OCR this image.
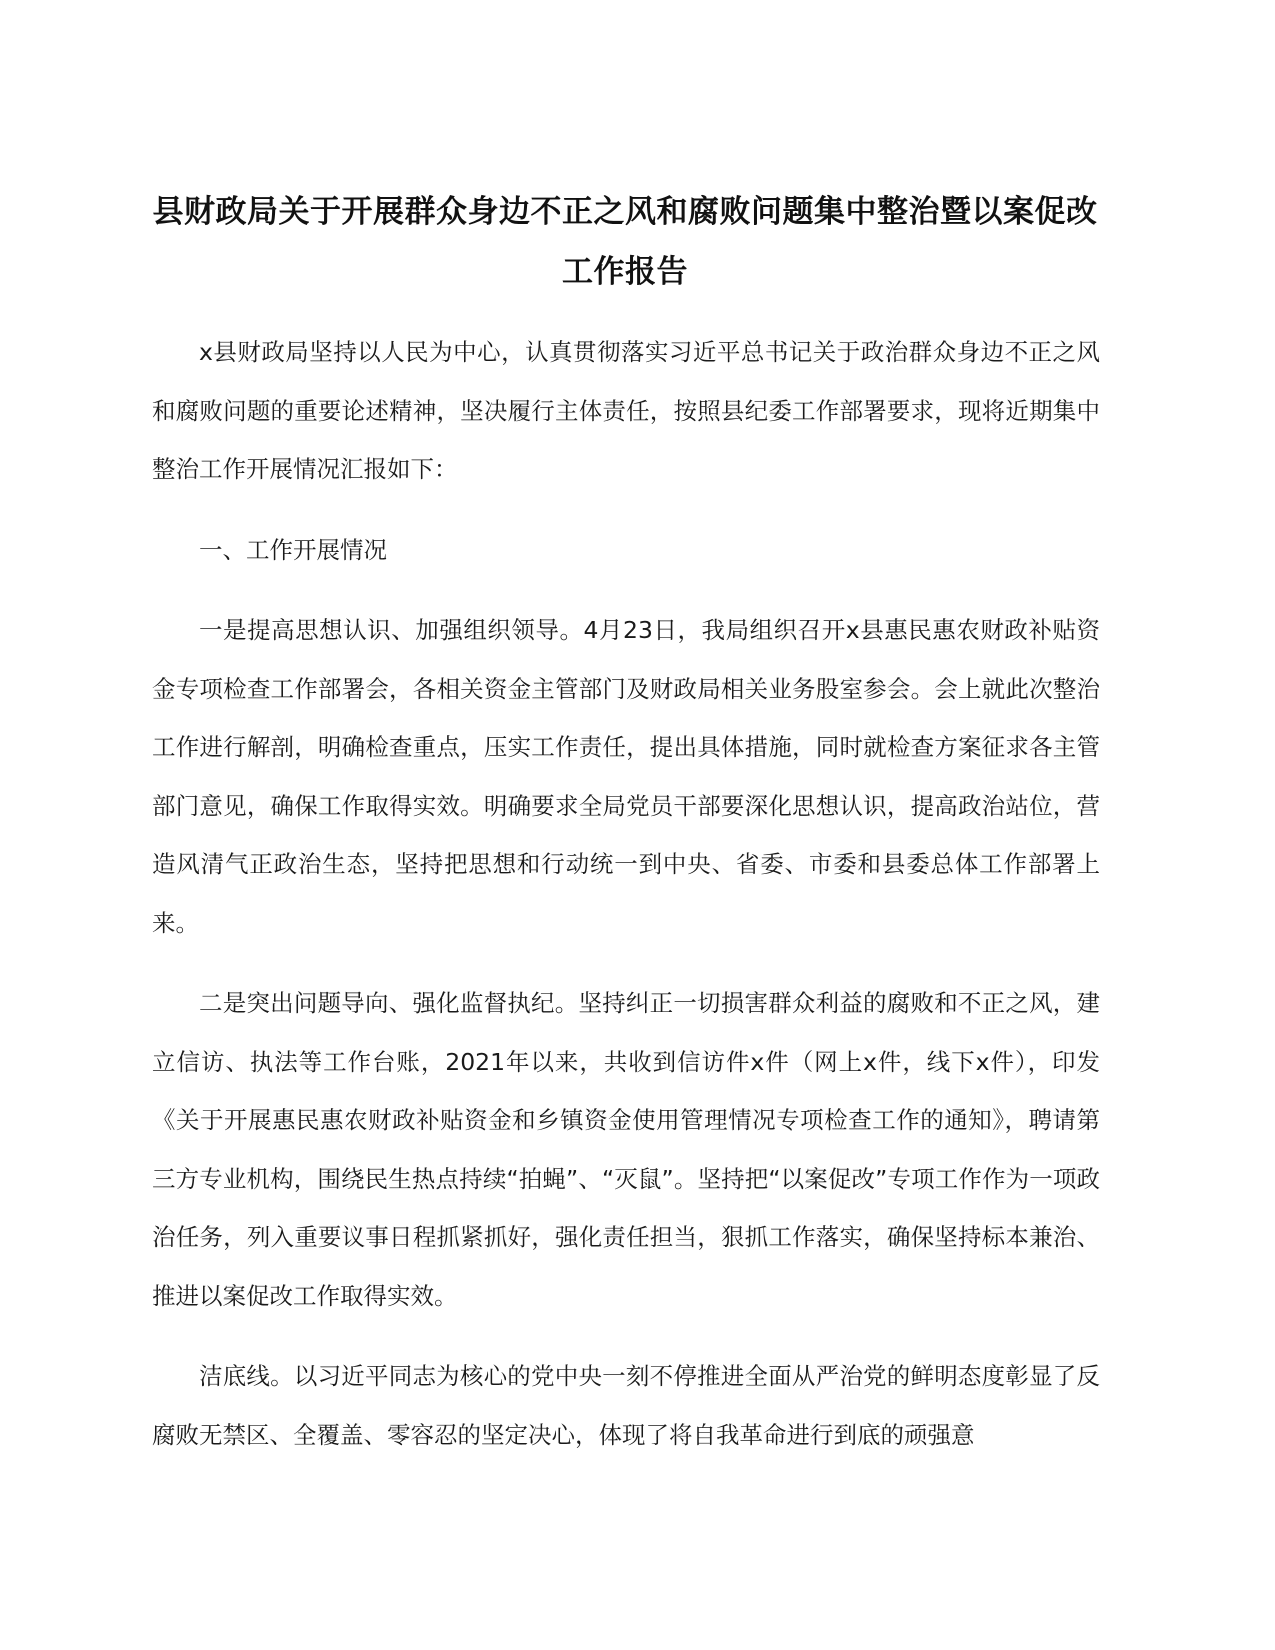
县财政局关于开展群众身边不正之风和腐败问题集中整治暨以案促改工作报告

x县财政局坚持以人民为中心，认真贯彻落实习近平总书记关于政治群众身边不正之风和腐败问题的重要论述精神，坚决履行主体责任，按照县纪委工作部署要求，现将近期集中整治工作开展情况汇报如下：

一、工作开展情况

一是提高思想认识、加强组织领导。4月23日，我局组织召开x县惠民惠农财政补贴资金专项检查工作部署会，各相关资金主管部门及财政局相关业务股室参会。会上就此次整治工作进行解剖，明确检查重点，压实工作责任，提出具体措施，同时就检查方案征求各主管部门意见，确保工作取得实效。明确要求全局党员干部要深化思想认识，提高政治站位，营造风清气正政治生态，坚持把思想和行动统一到中央、省委、市委和县委总体工作部署上来。

二是突出问题导向、强化监督执纪。坚持纠正一切损害群众利益的腐败和不正之风，建立信访、执法等工作台账，2021年以来，共收到信访件x件（网上x件，线下x件），印发《关于开展惠民惠农财政补贴资金和乡镇资金使用管理情况专项检查工作的通知》，聘请第三方专业机构，围绕民生热点持续“拍蝇”、“灭鼠”。坚持把“以案促改”专项工作作为一项政治任务，列入重要议事日程抓紧抓好，强化责任担当，狠抓工作落实，确保坚持标本兼治、推进以案促改工作取得实效。

洁底线。以习近平同志为核心的党中央一刻不停推进全面从严治党的鲜明态度彰显了反腐败无禁区、全覆盖、零容忍的坚定决心，体现了将自我革命进行到底的顽强意
